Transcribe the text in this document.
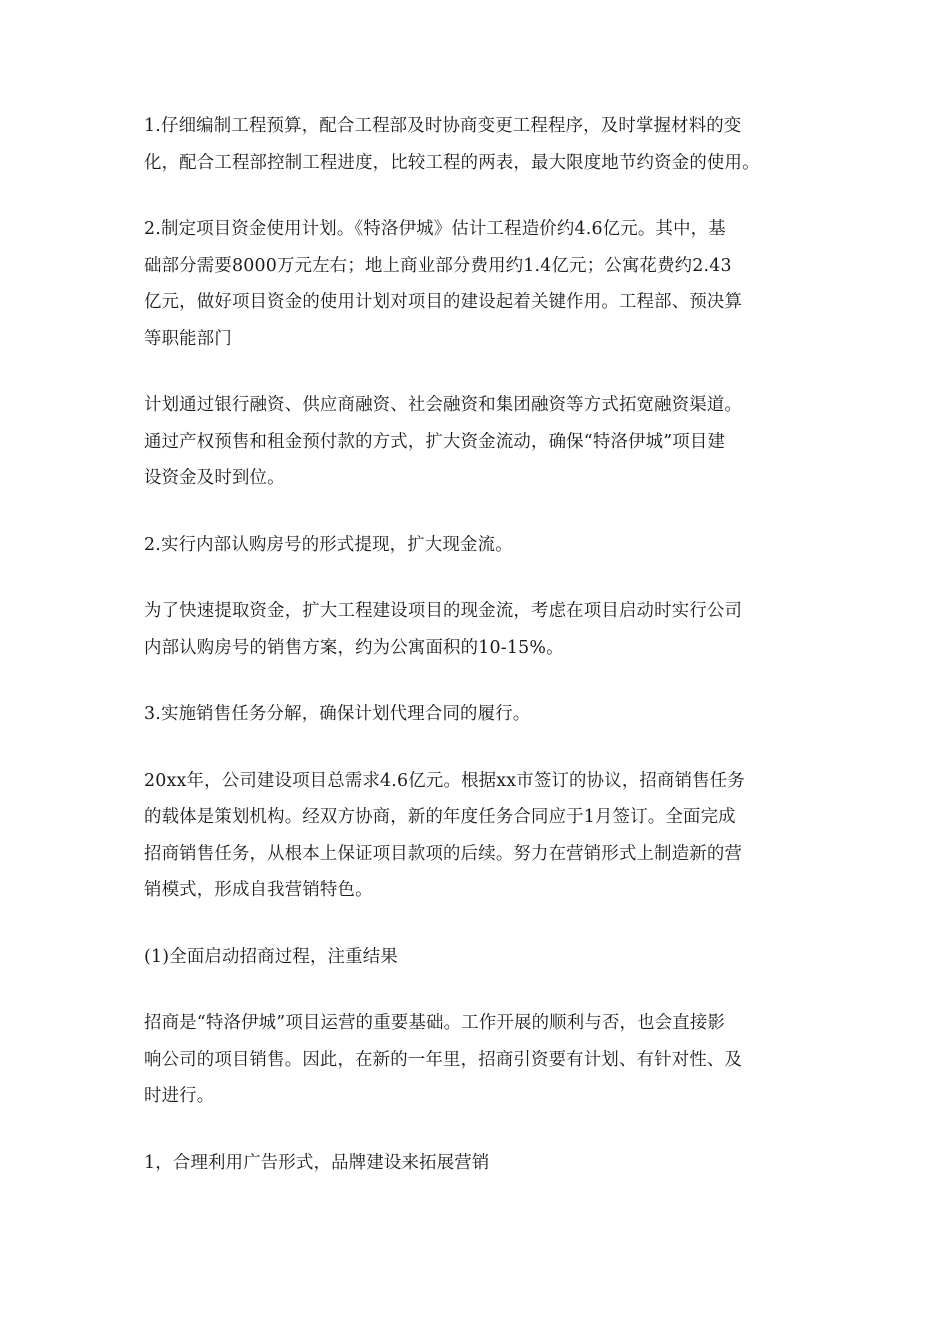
1.仔细编制工程预算，配合工程部及时协商变更工程程序，及时掌握材料的变
化，配合工程部控制工程进度，比较工程的两表，最大限度地节约资金的使用。

2.制定项目资金使用计划。《特洛伊城》估计工程造价约4.6亿元。其中，基
础部分需要8000万元左右；地上商业部分费用约1.4亿元；公寓花费约2.43
亿元，做好项目资金的使用计划对项目的建设起着关键作用。工程部、预决算
等职能部门

计划通过银行融资、供应商融资、社会融资和集团融资等方式拓宽融资渠道。
通过产权预售和租金预付款的方式，扩大资金流动，确保“特洛伊城”项目建
设资金及时到位。

2.实行内部认购房号的形式提现，扩大现金流。

为了快速提取资金，扩大工程建设项目的现金流，考虑在项目启动时实行公司
内部认购房号的销售方案，约为公寓面积的10-15%。

3.实施销售任务分解，确保计划代理合同的履行。

20xx年，公司建设项目总需求4.6亿元。根据xx市签订的协议，招商销售任务
的载体是策划机构。经双方协商，新的年度任务合同应于1月签订。全面完成
招商销售任务，从根本上保证项目款项的后续。努力在营销形式上制造新的营
销模式，形成自我营销特色。

(1)全面启动招商过程，注重结果

招商是“特洛伊城”项目运营的重要基础。工作开展的顺利与否，也会直接影
响公司的项目销售。因此，在新的一年里，招商引资要有计划、有针对性、及
时进行。

1，合理利用广告形式，品牌建设来拓展营销
